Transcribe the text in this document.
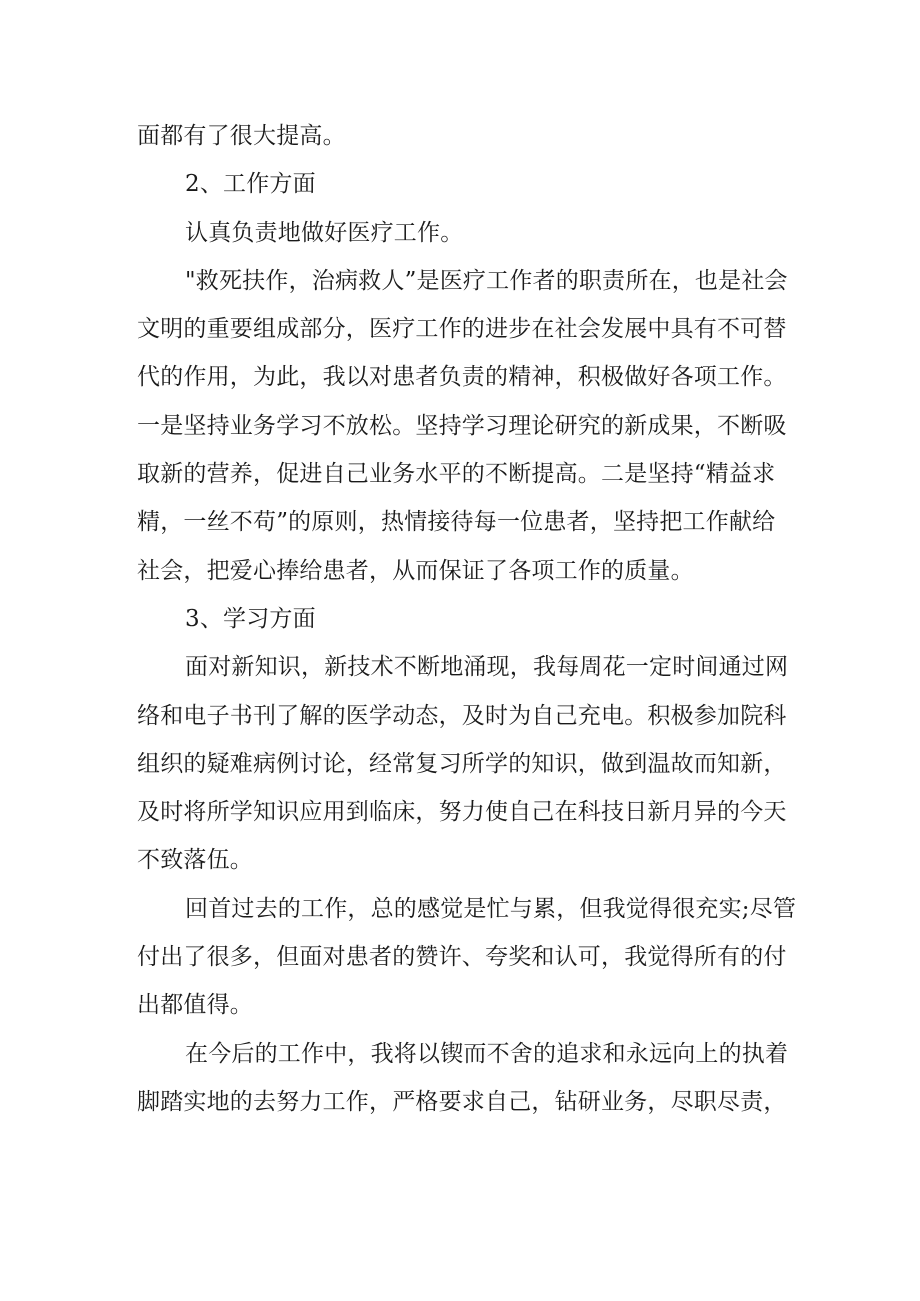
面都有了很大提高。
2、工作方面
认真负责地做好医疗工作。
"救死扶作，治病救人”是医疗工作者的职责所在，也是社会
文明的重要组成部分，医疗工作的进步在社会发展中具有不可替
代的作用，为此，我以对患者负责的精神，积极做好各项工作。
一是坚持业务学习不放松。坚持学习理论研究的新成果，不断吸
取新的营养，促进自己业务水平的不断提高。二是坚持“精益求
精，一丝不苟”的原则，热情接待每一位患者，坚持把工作献给
社会，把爱心捧给患者，从而保证了各项工作的质量。
3、学习方面
面对新知识，新技术不断地涌现，我每周花一定时间通过网
络和电子书刊了解的医学动态，及时为自己充电。积极参加院科
组织的疑难病例讨论，经常复习所学的知识，做到温故而知新，
及时将所学知识应用到临床，努力使自己在科技日新月异的今天
不致落伍。
回首过去的工作，总的感觉是忙与累，但我觉得很充实;尽管
付出了很多，但面对患者的赞许、夸奖和认可，我觉得所有的付
出都值得。
在今后的工作中，我将以锲而不舍的追求和永远向上的执着
脚踏实地的去努力工作，严格要求自己，钻研业务，尽职尽责，
